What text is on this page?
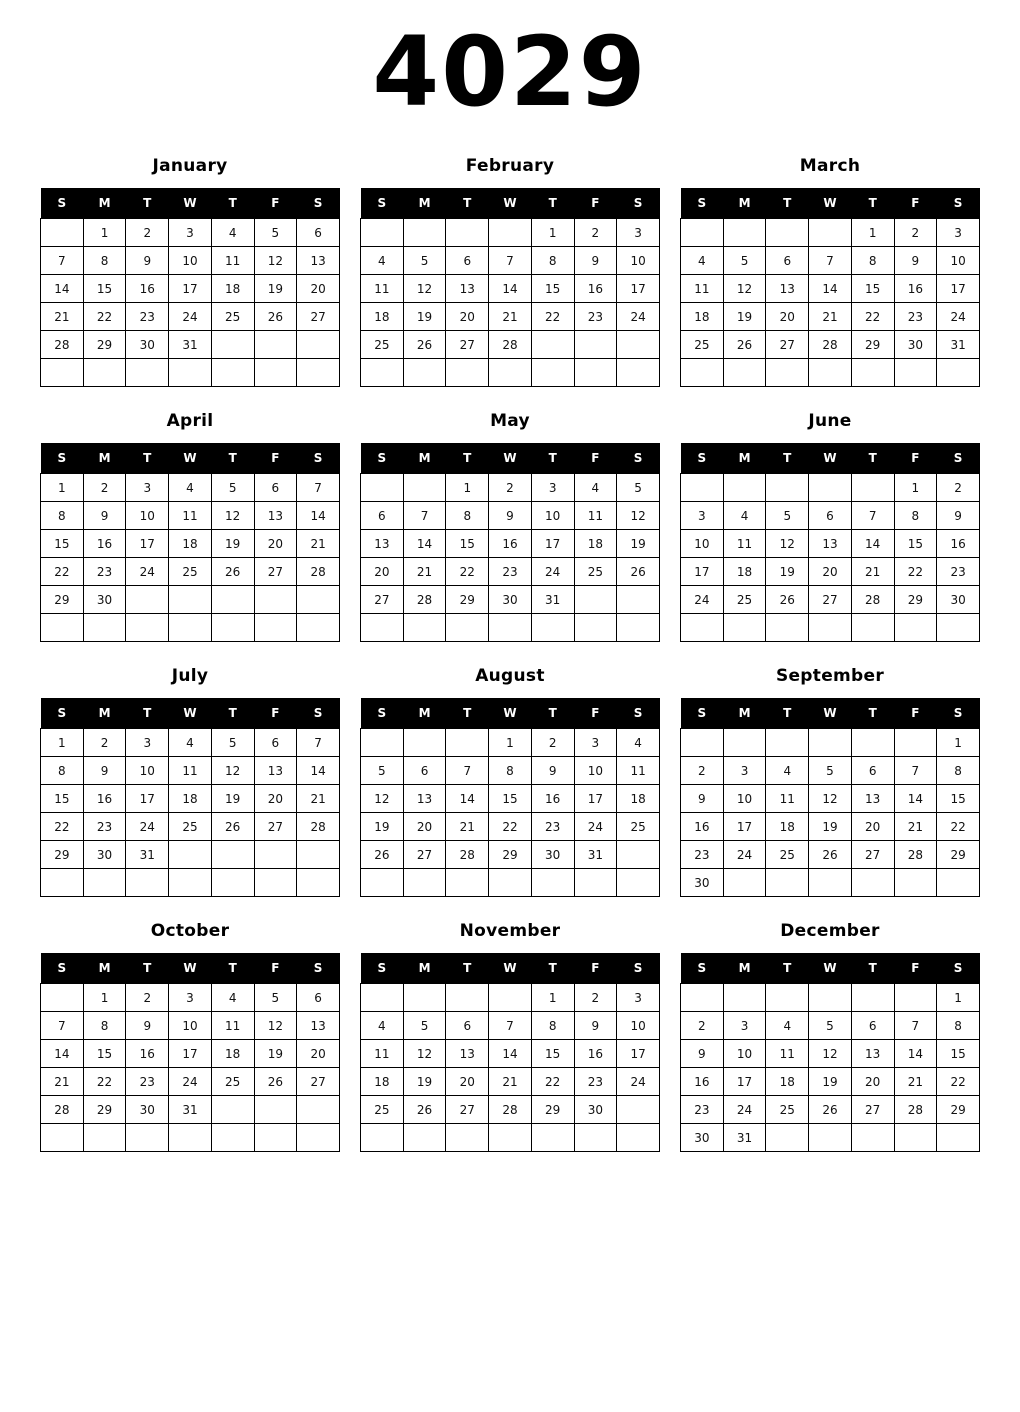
4029
January
S	M	T	W	T	F	S
	1	2	3	4	5	6
7	8	9	10	11	12	13
14	15	16	17	18	19	20
21	22	23	24	25	26	27
28	29	30	31			

February
S	M	T	W	T	F	S
				1	2	3
4	5	6	7	8	9	10
11	12	13	14	15	16	17
18	19	20	21	22	23	24
25	26	27	28			

March
S	M	T	W	T	F	S
				1	2	3
4	5	6	7	8	9	10
11	12	13	14	15	16	17
18	19	20	21	22	23	24
25	26	27	28	29	30	31

April
S	M	T	W	T	F	S
1	2	3	4	5	6	7
8	9	10	11	12	13	14
15	16	17	18	19	20	21
22	23	24	25	26	27	28
29	30					

May
S	M	T	W	T	F	S
		1	2	3	4	5
6	7	8	9	10	11	12
13	14	15	16	17	18	19
20	21	22	23	24	25	26
27	28	29	30	31		

June
S	M	T	W	T	F	S
					1	2
3	4	5	6	7	8	9
10	11	12	13	14	15	16
17	18	19	20	21	22	23
24	25	26	27	28	29	30

July
S	M	T	W	T	F	S
1	2	3	4	5	6	7
8	9	10	11	12	13	14
15	16	17	18	19	20	21
22	23	24	25	26	27	28
29	30	31				

August
S	M	T	W	T	F	S
			1	2	3	4
5	6	7	8	9	10	11
12	13	14	15	16	17	18
19	20	21	22	23	24	25
26	27	28	29	30	31	

September
S	M	T	W	T	F	S
						1
2	3	4	5	6	7	8
9	10	11	12	13	14	15
16	17	18	19	20	21	22
23	24	25	26	27	28	29
30						
October
S	M	T	W	T	F	S
	1	2	3	4	5	6
7	8	9	10	11	12	13
14	15	16	17	18	19	20
21	22	23	24	25	26	27
28	29	30	31			

November
S	M	T	W	T	F	S
				1	2	3
4	5	6	7	8	9	10
11	12	13	14	15	16	17
18	19	20	21	22	23	24
25	26	27	28	29	30	

December
S	M	T	W	T	F	S
						1
2	3	4	5	6	7	8
9	10	11	12	13	14	15
16	17	18	19	20	21	22
23	24	25	26	27	28	29
30	31					
